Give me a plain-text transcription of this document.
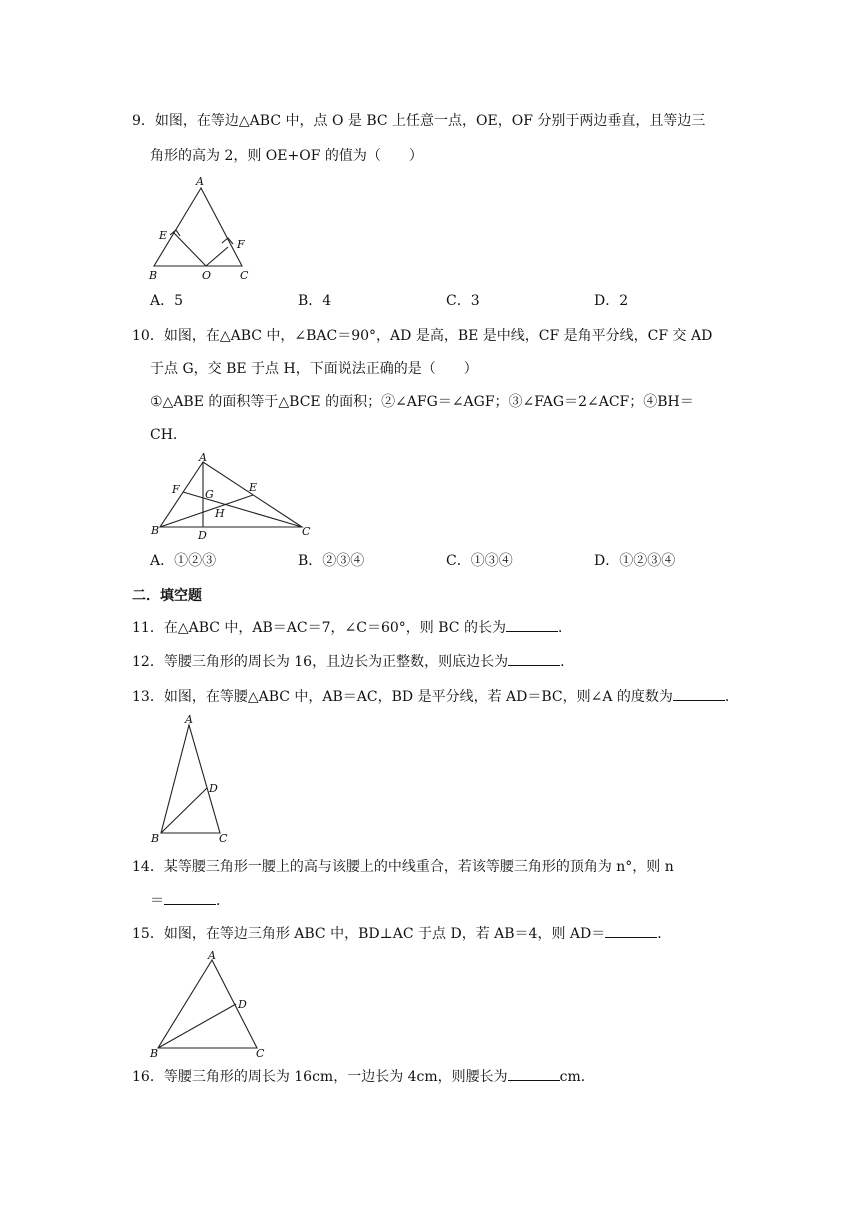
9．如图，在等边△ABC 中，点 O 是 BC 上任意一点，OE，OF 分别于两边垂直，且等边三
角形的高为 2，则 OE+OF 的值为（　　）
A
E
F
B	O	C
A．5	B．4	C．3	D．2
10．如图，在△ABC 中，∠BAC＝90°，AD 是高，BE 是中线，CF 是角平分线，CF 交 AD
于点 G，交 BE 于点 H，下面说法正确的是（　　）
①△ABE 的面积等于△BCE 的面积；②∠AFG＝∠AGF；③∠FAG＝2∠ACF；④BH＝
CH．
A
F G
E
H
B	D	C
A．①②③	B．②③④	C．①③④	D．①②③④
二．填空题
11．在△ABC 中，AB＝AC＝7，∠C＝60°，则 BC 的长为	．
12．等腰三角形的周长为 16，且边长为正整数，则底边长为	．
13．如图，在等腰△ABC 中，AB＝AC，BD 是平分线，若 AD＝BC，则∠A 的度数为	．
A
D
B	C
14．某等腰三角形一腰上的高与该腰上的中线重合，若该等腰三角形的顶角为 n°，则 n
＝	．
15．如图，在等边三角形 ABC 中，BD⊥AC 于点 D，若 AB＝4，则 AD＝	．
A
D
B	C
16．等腰三角形的周长为 16cm，一边长为 4cm，则腰长为	cm．
